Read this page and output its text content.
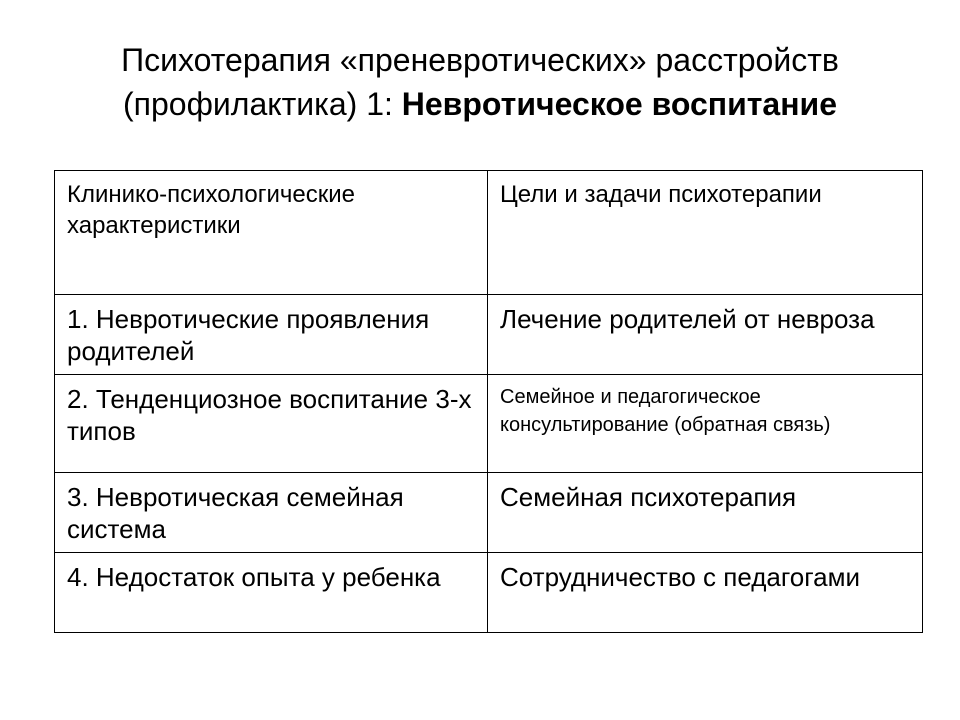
Психотерапия «преневротических» расстройств
(профилактика) 1: Невротическое воспитание
Клинико-психологические характеристики	Цели и задачи психотерапии
1. Невротические проявления родителей	Лечение родителей от невроза
2. Тенденциозное воспитание 3-х типов	Семейное и педагогическое консультирование (обратная связь)
3. Невротическая семейная система	Семейная психотерапия
4. Недостаток опыта у ребенка	Сотрудничество с педагогами
